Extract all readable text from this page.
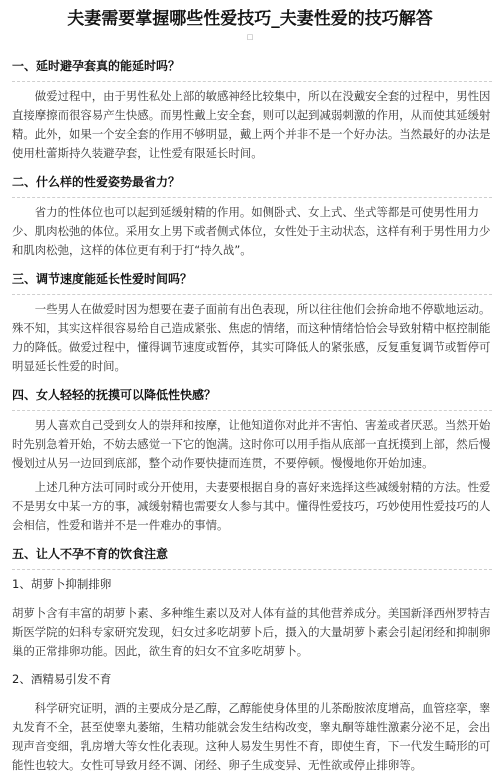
夫妻需要掌握哪些性爱技巧_夫妻性爱的技巧解答
□
一、延时避孕套真的能延时吗？

做爱过程中，由于男性私处上部的敏感神经比较集中，所以在没戴安全套的过程中，男性因直接摩擦而很容易产生快感。而男性戴上安全套，则可以起到减弱刺激的作用，从而使其延缓射精。此外，如果一个安全套的作用不够明显，戴上两个并非不是一个好办法。当然最好的办法是使用杜蕾斯持久装避孕套，让性爱有限延长时间。

二、什么样的性爱姿势最省力？

省力的性体位也可以起到延缓射精的作用。如侧卧式、女上式、坐式等都是可使男性用力少、肌肉松弛的体位。采用女上男下或者侧式体位，女性处于主动状态，这样有利于男性用力少和肌肉松弛，这样的体位更有利于打“持久战”。

三、调节速度能延长性爱时间吗？

一些男人在做爱时因为想要在妻子面前有出色表现，所以往往他们会拚命地不停歇地运动。殊不知，其实这样很容易给自己造成紧张、焦虑的情绪，而这种情绪恰恰会导致射精中枢控制能力的降低。做爱过程中，懂得调节速度或暂停，其实可降低人的紧张感，反复重复调节或暂停可明显延长性爱的时间。

四、女人轻轻的抚摸可以降低性快感？

男人喜欢自己受到女人的崇拜和按摩，让他知道你对此并不害怕、害羞或者厌恶。当然开始时先别急着开始，不妨去感觉一下它的饱满。这时你可以用手指从底部一直抚摸到上部，然后慢慢划过从另一边回到底部，整个动作要快捷而连贯，不要停顿。慢慢地你开始加速。

上述几种方法可同时或分开使用，夫妻要根据自身的喜好来选择这些减缓射精的方法。性爱不是男女中某一方的事，减缓射精也需要女人参与其中。懂得性爱技巧，巧妙使用性爱技巧的人会相信，性爱和谐并不是一件难办的事情。

五、让人不孕不育的饮食注意
1、胡萝卜抑制排卵

胡萝卜含有丰富的胡萝卜素、多种维生素以及对人体有益的其他营养成分。美国新泽西州罗特吉斯医学院的妇科专家研究发现，妇女过多吃胡萝卜后，摄入的大量胡萝卜素会引起闭经和抑制卵巢的正常排卵功能。因此，欲生育的妇女不宜多吃胡萝卜。

2、酒精易引发不育

科学研究证明，酒的主要成分是乙醇，乙醇能使身体里的儿茶酚胺浓度增高，血管痉挛，睾丸发育不全，甚至使睾丸萎缩，生精功能就会发生结构改变，睾丸酮等雄性激素分泌不足，会出现声音变细，乳房增大等女性化表现。这种人易发生男性不育，即使生育，下一代发生畸形的可能性也较大。女性可导致月经不调、闭经、卵子生成变异、无性欲或停止排卵等。
